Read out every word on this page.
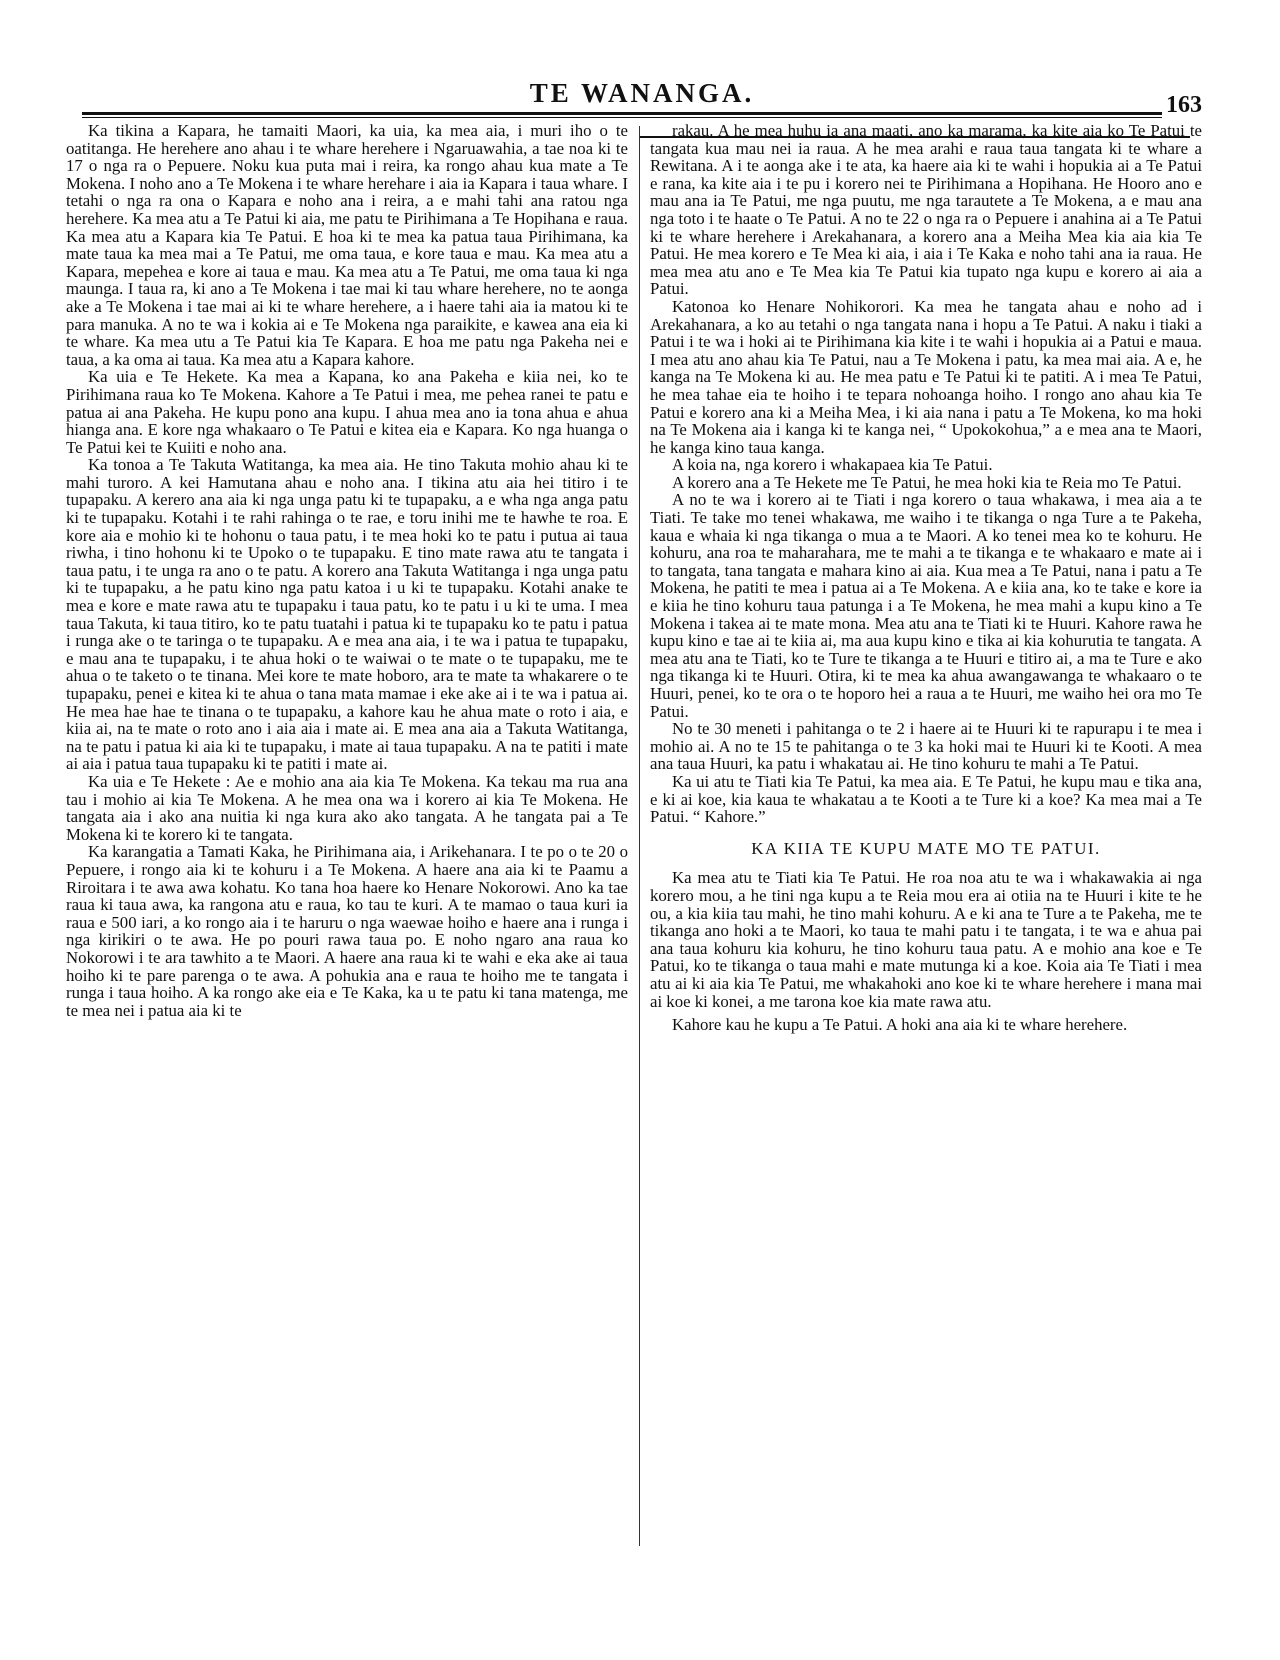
TE WANANGA.	163

Ka tikina a Kapara, he tamaiti Maori, ka uia, ka mea aia, i muri iho o te oatitanga. He herehere ano ahau i te whare herehere i Ngaruawahia, a tae noa ki te 17 o nga ra o Pepuere. Noku kua puta mai i reira, ka rongo ahau kua mate a Te Mokena. I noho ano a Te Mokena i te whare herehare i aia ia Kapara i taua whare. I tetahi o nga ra ona o Kapara e noho ana i reira, a e mahi tahi ana ratou nga herehere. Ka mea atu a Te Patui ki aia, me patu te Pirihimana a Te Hopihana e raua. Ka mea atu a Kapara kia Te Patui. E hoa ki te mea ka patua taua Pirihimana, ka mate taua ka mea mai a Te Patui, me oma taua, e kore taua e mau. Ka mea atu a Kapara, mepehea e kore ai taua e mau. Ka mea atu a Te Patui, me oma taua ki nga maunga. I taua ra, ki ano a Te Mokena i tae mai ki tau whare herehere, no te aonga ake a Te Mokena i tae mai ai ki te whare herehere, a i haere tahi aia ia matou ki te para manuka. A no te wa i kokia ai e Te Mokena nga paraikite, e kawea ana eia ki te whare. Ka mea utu a Te Patui kia Te Kapara. E hoa me patu nga Pakeha nei e taua, a ka oma ai taua. Ka mea atu a Kapara kahore.

Ka uia e Te Hekete. Ka mea a Kapana, ko ana Pakeha e kiia nei, ko te Pirihimana raua ko Te Mokena. Kahore a Te Patui i mea, me pehea ranei te patu e patua ai ana Pakeha. He kupu pono ana kupu. I ahua mea ano ia tona ahua e ahua hianga ana. E kore nga whakaaro o Te Patui e kitea eia e Kapara. Ko nga huanga o Te Patui kei te Kuiiti e noho ana.

Ka tonoa a Te Takuta Watitanga, ka mea aia. He tino Takuta mohio ahau ki te mahi turoro. A kei Hamutana ahau e noho ana. I tikina atu aia hei titiro i te tupapaku. A kerero ana aia ki nga unga patu ki te tupapaku, a e wha nga anga patu ki te tupapaku. Kotahi i te rahi rahinga o te rae, e toru inihi me te hawhe te roa. E kore aia e mohio ki te hohonu o taua patu, i te mea hoki ko te patu i putua ai taua riwha, i tino hohonu ki te Upoko o te tupapaku. E tino mate rawa atu te tangata i taua patu, i te unga ra ano o te patu. A korero ana Takuta Watitanga i nga unga patu ki te tupapaku, a he patu kino nga patu katoa i u ki te tupapaku. Kotahi anake te mea e kore e mate rawa atu te tupapaku i taua patu, ko te patu i u ki te uma. I mea taua Takuta, ki taua titiro, ko te patu tuatahi i patua ki te tupapaku ko te patu i patua i runga ake o te taringa o te tupapaku. A e mea ana aia, i te wa i patua te tupapaku, e mau ana te tupapaku, i te ahua hoki o te waiwai o te mate o te tupapaku, me te ahua o te taketo o te tinana. Mei kore te mate hoboro, ara te mate ta whakarere o te tupapaku, penei e kitea ki te ahua o tana mata mamae i eke ake ai i te wa i patua ai. He mea hae hae te tinana o te tupapaku, a kahore kau he ahua mate o roto i aia, e kiia ai, na te mate o roto ano i aia aia i mate ai. E mea ana aia a Takuta Watitanga, na te patu i patua ki aia ki te tupapaku, i mate ai taua tupapaku. A na te patiti i mate ai aia i patua taua tupapaku ki te patiti i mate ai.

Ka uia e Te Hekete : Ae e mohio ana aia kia Te Mokena. Ka tekau ma rua ana tau i mohio ai kia Te Mokena. A he mea ona wa i korero ai kia Te Mokena. He tangata aia i ako ana nuitia ki nga kura ako ako tangata. A he tangata pai a Te Mokena ki te korero ki te tangata.

Ka karangatia a Tamati Kaka, he Pirihimana aia, i Arikehanara. I te po o te 20 o Pepuere, i rongo aia ki te kohuru i a Te Mokena. A haere ana aia ki te Paamu a Riroitara i te awa awa kohatu. Ko tana hoa haere ko Henare Nokorowi. Ano ka tae raua ki taua awa, ka rangona atu e raua, ko tau te kuri. A te mamao o taua kuri ia raua e 500 iari, a ko rongo aia i te haruru o nga waewae hoiho e haere ana i runga i nga kirikiri o te awa. He po pouri rawa taua po. E noho ngaro ana raua ko Nokorowi i te ara tawhito a te Maori. A haere ana raua ki te wahi e eka ake ai taua hoiho ki te pare parenga o te awa. A pohukia ana e raua te hoiho me te tangata i runga i taua hoiho. A ka rongo ake eia e Te Kaka, ka u te patu ki tana matenga, me te mea nei i patua aia ki te

rakau. A he mea huhu ia ana maati, ano ka marama, ka kite aia ko Te Patui te tangata kua mau nei ia raua. A he mea arahi e raua taua tangata ki te whare a Rewitana. A i te aonga ake i te ata, ka haere aia ki te wahi i hopukia ai a Te Patui e rana, ka kite aia i te pu i korero nei te Pirihimana a Hopihana. He Hooro ano e mau ana ia Te Patui, me nga puutu, me nga tarautete a Te Mokena, a e mau ana nga toto i te haate o Te Patui. A no te 22 o nga ra o Pepuere i anahina ai a Te Patui ki te whare herehere i Arekahanara, a korero ana a Meiha Mea kia aia kia Te Patui. He mea korero e Te Mea ki aia, i aia i Te Kaka e noho tahi ana ia raua. He mea mea atu ano e Te Mea kia Te Patui kia tupato nga kupu e korero ai aia a Patui.

Katonoa ko Henare Nohikorori. Ka mea he tangata ahau e noho ad i Arekahanara, a ko au tetahi o nga tangata nana i hopu a Te Patui. A naku i tiaki a Patui i te wa i hoki ai te Pirihimana kia kite i te wahi i hopukia ai a Patui e maua. I mea atu ano ahau kia Te Patui, nau a Te Mokena i patu, ka mea mai aia. A e, he kanga na Te Mokena ki au. He mea patu e Te Patui ki te patiti. A i mea Te Patui, he mea tahae eia te hoiho i te tepara nohoanga hoiho. I rongo ano ahau kia Te Patui e korero ana ki a Meiha Mea, i ki aia nana i patu a Te Mokena, ko ma hoki na Te Mokena aia i kanga ki te kanga nei, “ Upokokohua,” a e mea ana te Maori, he kanga kino taua kanga.

A koia na, nga korero i whakapaea kia Te Patui.

A korero ana a Te Hekete me Te Patui, he mea hoki kia te Reia mo Te Patui.

A no te wa i korero ai te Tiati i nga korero o taua whakawa, i mea aia a te Tiati. Te take mo tenei whakawa, me waiho i te tikanga o nga Ture a te Pakeha, kaua e whaia ki nga tikanga o mua a te Maori. A ko tenei mea ko te kohuru. He kohuru, ana roa te maharahara, me te mahi a te tikanga e te whakaaro e mate ai i to tangata, tana tangata e mahara kino ai aia. Kua mea a Te Patui, nana i patu a Te Mokena, he patiti te mea i patua ai a Te Mokena. A e kiia ana, ko te take e kore ia e kiia he tino kohuru taua patunga i a Te Mokena, he mea mahi a kupu kino a Te Mokena i takea ai te mate mona. Mea atu ana te Tiati ki te Huuri. Kahore rawa he kupu kino e tae ai te kiia ai, ma aua kupu kino e tika ai kia kohurutia te tangata. A mea atu ana te Tiati, ko te Ture te tikanga a te Huuri e titiro ai, a ma te Ture e ako nga tikanga ki te Huuri. Otira, ki te mea ka ahua awangawanga te whakaaro o te Huuri, penei, ko te ora o te hoporo hei a raua a te Huuri, me waiho hei ora mo Te Patui.

No te 30 meneti i pahitanga o te 2 i haere ai te Huuri ki te rapurapu i te mea i mohio ai. A no te 15 te pahitanga o te 3 ka hoki mai te Huuri ki te Kooti. A mea ana taua Huuri, ka patu i whakatau ai. He tino kohuru te mahi a Te Patui.

Ka ui atu te Tiati kia Te Patui, ka mea aia. E Te Patui, he kupu mau e tika ana, e ki ai koe, kia kaua te whakatau a te Kooti a te Ture ki a koe? Ka mea mai a Te Patui. “ Kahore.”

KA KIIA TE KUPU MATE MO TE PATUI.

Ka mea atu te Tiati kia Te Patui. He roa noa atu te wa i whakawakia ai nga korero mou, a he tini nga kupu a te Reia mou era ai otiia na te Huuri i kite te he ou, a kia kiia tau mahi, he tino mahi kohuru. A e ki ana te Ture a te Pakeha, me te tikanga ano hoki a te Maori, ko taua te mahi patu i te tangata, i te wa e ahua pai ana taua kohuru kia kohuru, he tino kohuru taua patu. A e mohio ana koe e Te Patui, ko te tikanga o taua mahi e mate mutunga ki a koe. Koia aia Te Tiati i mea atu ai ki aia kia Te Patui, me whakahoki ano koe ki te whare herehere i mana mai ai koe ki konei, a me tarona koe kia mate rawa atu.

Kahore kau he kupu a Te Patui. A hoki ana aia ki te whare herehere.
